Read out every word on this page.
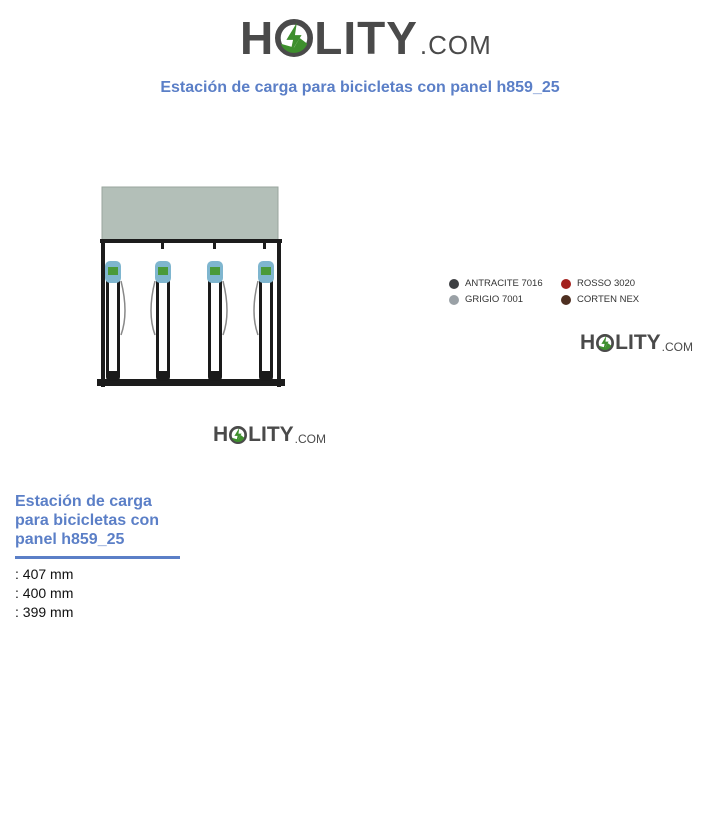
H LITY .COM
Estación de carga para bicicletas con panel h859_25
H LITY .COM
ANTRACITE 7016	ROSSO 3020
GRIGIO 7001	CORTEN NEX
H LITY .COM
Estación de carga para bicicletas con panel h859_25
: 407 mm
: 400 mm
: 399 mm
